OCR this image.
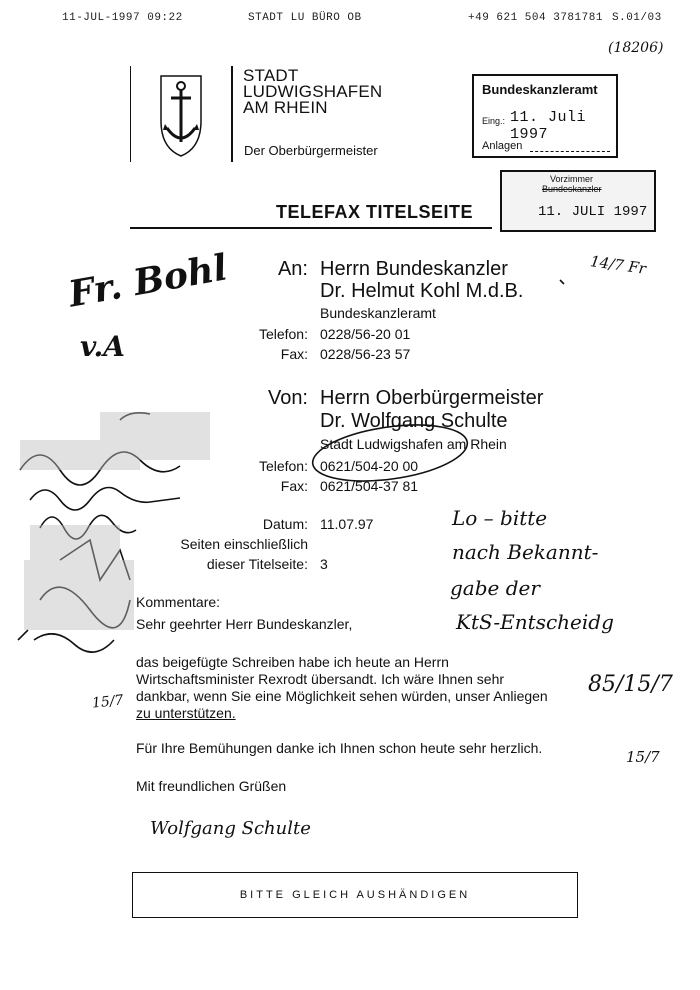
11-JUL-1997 09:22	STADT LU BÜRO OB	+49 621 504 3781781 S.01/03
(18206)
STADT
LUDWIGSHAFEN
AM RHEIN
Der Oberbürgermeister
Bundeskanzleramt
Eing.: 11. Juli 1997
Anlagen
Vorzimmer
Bundeskanzler
11. JULI 1997
TELEFAX TITELSEITE
An: Herrn Bundeskanzler
Dr. Helmut Kohl M.d.B.
Bundeskanzleramt
Telefon: 0228/56-20 01
Fax: 0228/56-23 57
Von: Herrn Oberbürgermeister
Dr. Wolfgang Schulte
Stadt Ludwigshafen am Rhein
Telefon: 0621/504-20 00
Fax: 0621/504-37 81
Datum: 11.07.97
Seiten einschließlich
dieser Titelseite: 3
Kommentare:
Sehr geehrter Herr Bundeskanzler,
das beigefügte Schreiben habe ich heute an Herrn
Wirtschaftsminister Rexrodt übersandt. Ich wäre Ihnen sehr
dankbar, wenn Sie eine Möglichkeit sehen würden, unser Anliegen
zu unterstützen.
Für Ihre Bemühungen danke ich Ihnen schon heute sehr herzlich.
Mit freundlichen Grüßen
14/7 Fr
Fr. Bohl
v.A
Lo – bitte
nach Bekannt-
gabe der
KtS-Entscheidg
85/15/7
15/7
15/7
Wolfgang Schulte
BITTE GLEICH AUSHÄNDIGEN
